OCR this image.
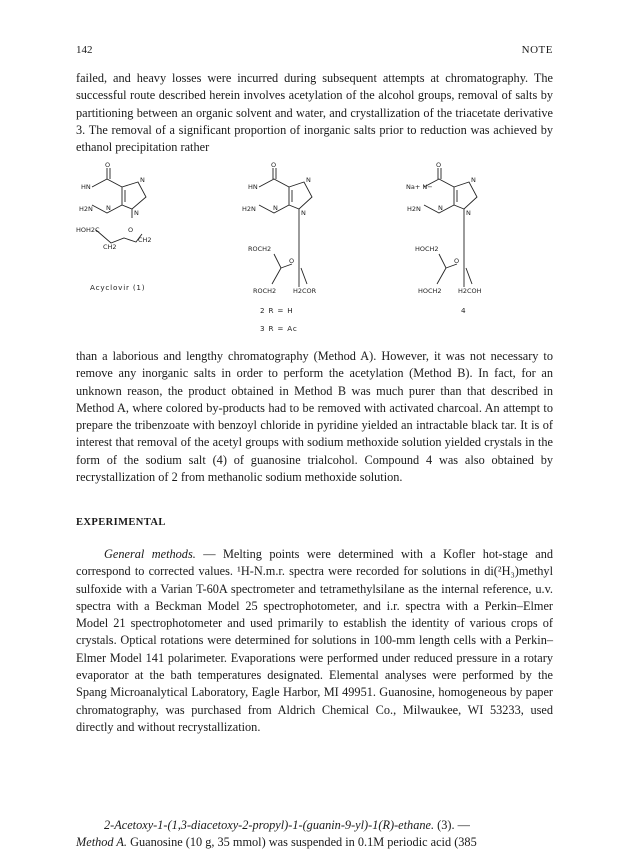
142	NOTE

failed, and heavy losses were incurred during subsequent attempts at chromatography. The successful route described herein involves acetylation of the alcohol groups, removal of salts by partitioning between an organic solvent and water, and crystallization of the triacetate derivative 3. The removal of a significant proportion of inorganic salts prior to reduction was achieved by ethanol precipitation rather

O
HN
N
H2N N
N
HOH2C	O
CH2
CH2
Acyclovir (1)
O
HN
N
H2N	N
N
ROCH2
O
ROCH2	H2COR
2 R = H
3 R = Ac
O
Na+ N−
N
H2N	N
N
HOCH2
O
HOCH2	H2COH
4

than a laborious and lengthy chromatography (Method A). However, it was not necessary to remove any inorganic salts in order to perform the acetylation (Method B). In fact, for an unknown reason, the product obtained in Method B was much purer than that described in Method A, where colored by-products had to be removed with activated charcoal. An attempt to prepare the tribenzoate with benzoyl chloride in pyridine yielded an intractable black tar. It is of interest that removal of the acetyl groups with sodium methoxide solution yielded crystals in the form of the sodium salt (4) of guanosine trialcohol. Compound 4 was also obtained by recrystallization of 2 from methanolic sodium methoxide solution.

EXPERIMENTAL

General methods. — Melting points were determined with a Kofler hot-stage and correspond to corrected values. ¹H-N.m.r. spectra were recorded for solutions in di(²H₃)methyl sulfoxide with a Varian T-60A spectrometer and tetramethylsilane as the internal reference, u.v. spectra with a Beckman Model 25 spectrophotometer, and i.r. spectra with a Perkin–Elmer Model 21 spectrophotometer and used primarily to establish the identity of various crops of crystals. Optical rotations were determined for solutions in 100-mm length cells with a Perkin–Elmer Model 141 polarimeter. Evaporations were performed under reduced pressure in a rotary evaporator at the bath temperatures designated. Elemental analyses were performed by the Spang Microanalytical Laboratory, Eagle Harbor, MI 49951. Guanosine, homogeneous by paper chromatography, was purchased from Aldrich Chemical Co., Milwaukee, WI 53233, used directly and without recrystallization.

2-Acetoxy-1-(1,3-diacetoxy-2-propyl)-1-(guanin-9-yl)-1(R)-ethane. (3). —
Method A. Guanosine (10 g, 35 mmol) was suspended in 0.1M periodic acid (385
